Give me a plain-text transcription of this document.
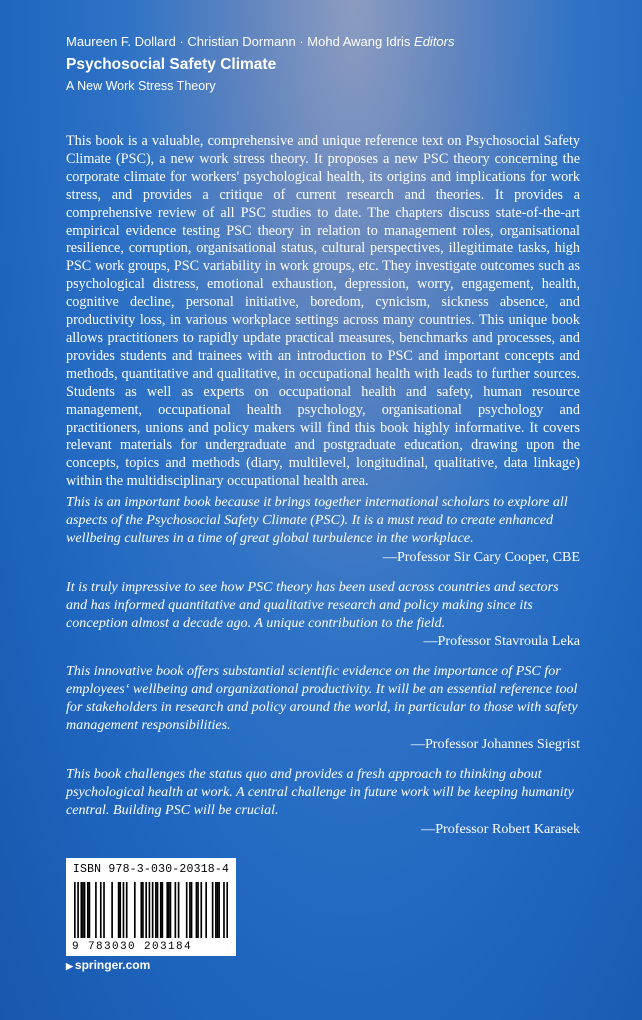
Maureen F. Dollard · Christian Dormann · Mohd Awang Idris Editors
Psychosocial Safety Climate
A New Work Stress Theory

This book is a valuable, comprehensive and unique reference text on Psychosocial Safety Climate (PSC), a new work stress theory. It proposes a new PSC theory concerning the corporate climate for workers' psychological health, its origins and implications for work stress, and provides a critique of current research and theories. It provides a comprehensive review of all PSC studies to date. The chapters discuss state-of-the-art empirical evidence testing PSC theory in relation to management roles, organisational resilience, corruption, organisational status, cultural perspectives, illegitimate tasks, high PSC work groups, PSC variability in work groups, etc. They investigate outcomes such as psychological distress, emotional exhaustion, depression, worry, engagement, health, cognitive decline, personal initiative, boredom, cynicism, sickness absence, and productivity loss, in various workplace settings across many countries. This unique book allows practitioners to rapidly update practical measures, benchmarks and processes, and provides students and trainees with an introduction to PSC and important concepts and methods, quantitative and qualitative, in occupational health with leads to further sources. Students as well as experts on occupational health and safety, human resource management, occupational health psychology, organisational psychology and practitioners, unions and policy makers will find this book highly informative. It covers relevant materials for undergraduate and postgraduate education, drawing upon the concepts, topics and methods (diary, multilevel, longitudinal, qualitative, data linkage) within the multidisciplinary occupational health area.

This is an important book because it brings together international scholars to explore all aspects of the Psychosocial Safety Climate (PSC). It is a must read to create enhanced wellbeing cultures in a time of great global turbulence in the workplace.

—Professor Sir Cary Cooper, CBE

It is truly impressive to see how PSC theory has been used across countries and sectors and has informed quantitative and qualitative research and policy making since its conception almost a decade ago. A unique contribution to the field.

—Professor Stavroula Leka

This innovative book offers substantial scientific evidence on the importance of PSC for employees‘ wellbeing and organizational productivity. It will be an essential reference tool for stakeholders in research and policy around the world, in particular to those with safety management responsibilities.

—Professor Johannes Siegrist

This book challenges the status quo and provides a fresh approach to thinking about psychological health at work. A central challenge in future work will be keeping humanity central. Building PSC will be crucial.

—Professor Robert Karasek

ISBN 978-3-030-20318-4
9 783030 203184
▶ springer.com
